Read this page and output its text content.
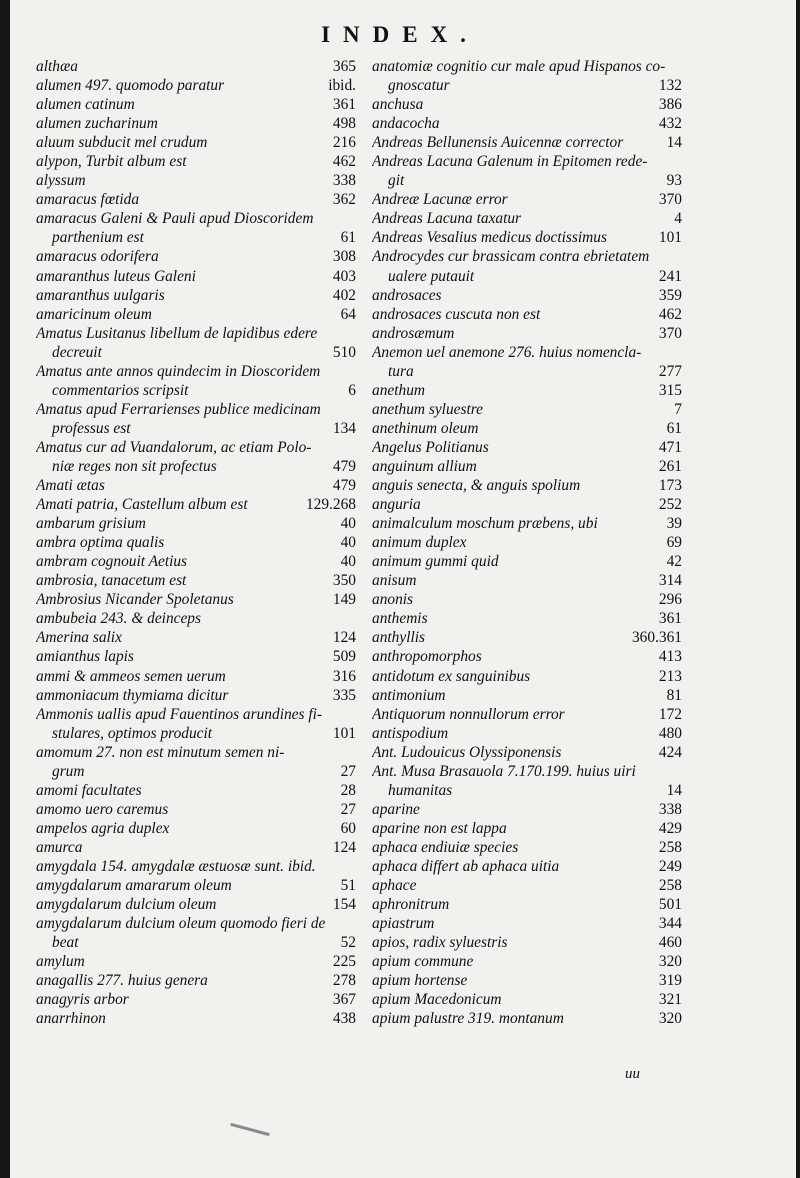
INDEX.
althæa	365
alumen 497. quomodo paratur	ibid.
alumen catinum	361
alumen zucharinum	498
aluum subducit mel crudum	216
alypon, Turbit album est	462
alyssum	338
amaracus fœtida	362
amaracus Galeni & Pauli apud Dioscoridem
parthenium est	61
amaracus odorifera	308
amaranthus luteus Galeni	403
amaranthus uulgaris	402
amaricinum oleum	64
Amatus Lusitanus libellum de lapidibus edere
decreuit	510
Amatus ante annos quindecim in Dioscoridem
commentarios scripsit	6
Amatus apud Ferrarienses publice medicinam
professus est	134
Amatus cur ad Vuandalorum, ac etiam Polo-
niæ reges non sit profectus	479
Amati ætas	479
Amati patria, Castellum album est	129.268
ambarum grisium	40
ambra optima qualis	40
ambram cognouit Aetius	40
ambrosia, tanacetum est	350
Ambrosius Nicander Spoletanus	149
ambubeia 243. & deinceps
Amerina salix	124
amianthus lapis	509
ammi & ammeos semen uerum	316
ammoniacum thymiama dicitur	335
Ammonis uallis apud Fauentinos arundines fi-
stulares, optimos producit	101
amomum 27. non est minutum semen ni-
grum	27
amomi facultates	28
amomo uero caremus	27
ampelos agria duplex	60
amurca	124
amygdala 154. amygdalæ æstuosæ sunt. ibid.
amygdalarum amararum oleum	51
amygdalarum dulcium oleum	154
amygdalarum dulcium oleum quomodo fieri de
beat	52
amylum	225
anagallis 277. huius genera	278
anagyris arbor	367
anarrhinon	438
anatomiæ cognitio cur male apud Hispanos co-
gnoscatur	132
anchusa	386
andacocha	432
Andreas Bellunensis Auicennæ corrector	14
Andreas Lacuna Galenum in Epitomen rede-
git	93
Andreæ Lacunæ error	370
Andreas Lacuna taxatur	4
Andreas Vesalius medicus doctissimus	101
Androcydes cur brassicam contra ebrietatem
ualere putauit	241
androsaces	359
androsaces cuscuta non est	462
androsæmum	370
Anemon uel anemone 276. huius nomencla-
tura	277
anethum	315
anethum syluestre	7
anethinum oleum	61
Angelus Politianus	471
anguinum allium	261
anguis senecta, & anguis spolium	173
anguria	252
animalculum moschum præbens, ubi	39
animum duplex	69
animum gummi quid	42
anisum	314
anonis	296
anthemis	361
anthyllis	360.361
anthropomorphos	413
antidotum ex sanguinibus	213
antimonium	81
Antiquorum nonnullorum error	172
antispodium	480
Ant. Ludouicus Olyssiponensis	424
Ant. Musa Brasauola 7.170.199. huius uiri
humanitas	14
aparine	338
aparine non est lappa	429
aphaca endiuiæ species	258
aphaca differt ab aphaca uitia	249
aphace	258
aphronitrum	501
apiastrum	344
apios, radix syluestris	460
apium commune	320
apium hortense	319
apium Macedonicum	321
apium palustre 319. montanum	320
uu
